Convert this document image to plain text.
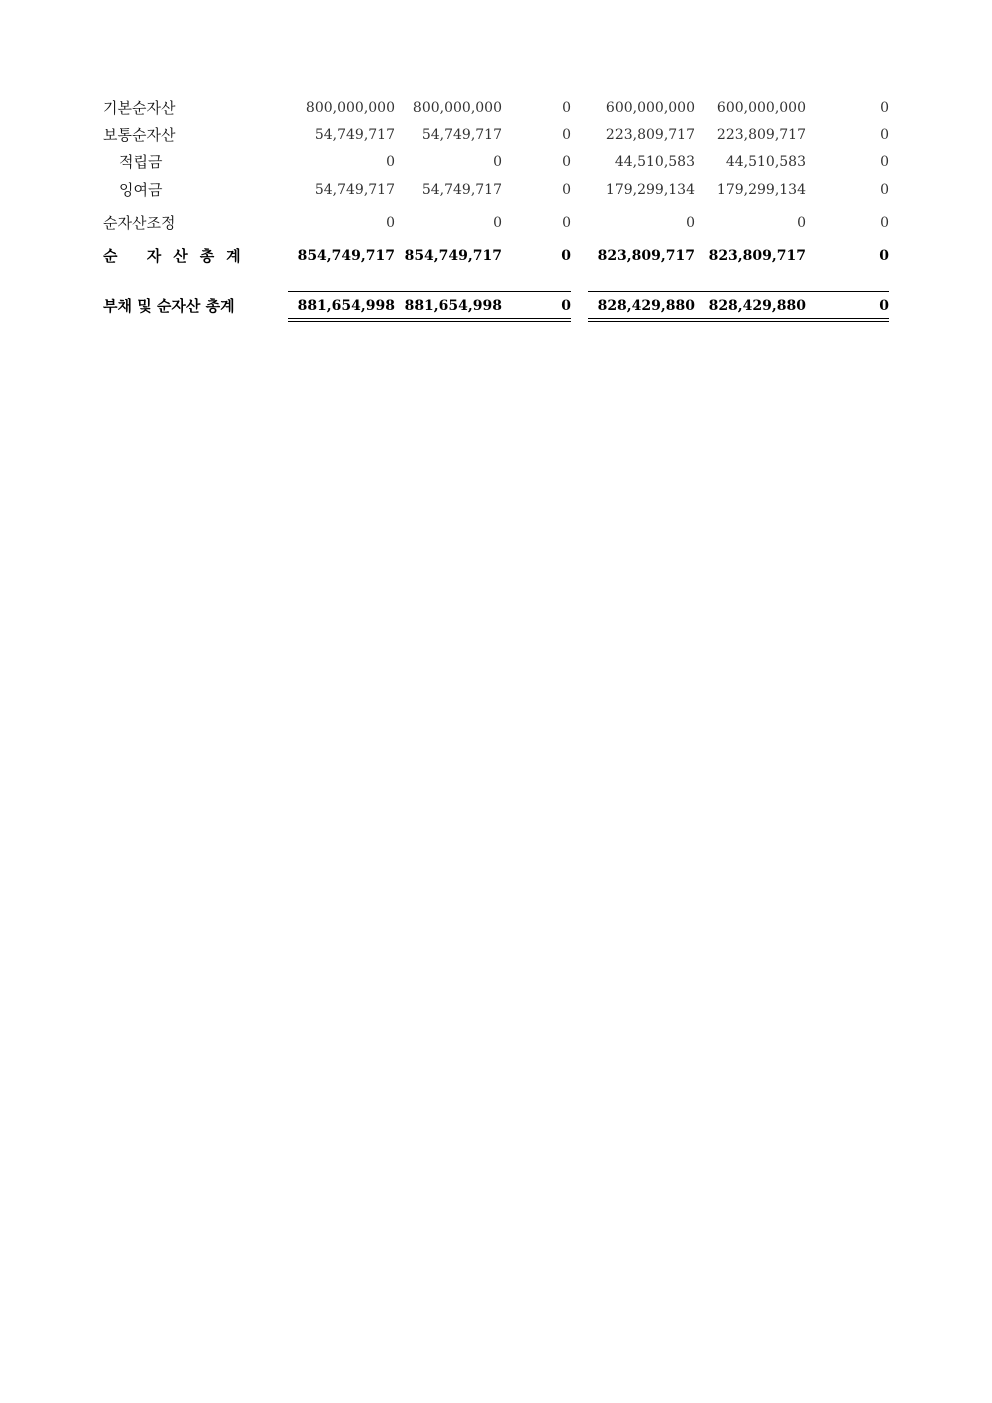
기본순자산	800,000,000 800,000,000	0 600,000,000 600,000,000	0
보통순자산	54,749,717 54,749,717	0 223,809,717 223,809,717	0
적립금	0	0	0	44,510,583 44,510,583	0
잉여금	54,749,717 54,749,717	0 179,299,134 179,299,134	0
순자산조정	0	0	0	0	0	0
순 자산총계	854,749,717 854,749,717	0 823,809,717 823,809,717	0
부채 및 순자산 총계	881,654,998 881,654,998	0 828,429,880 828,429,880	0
